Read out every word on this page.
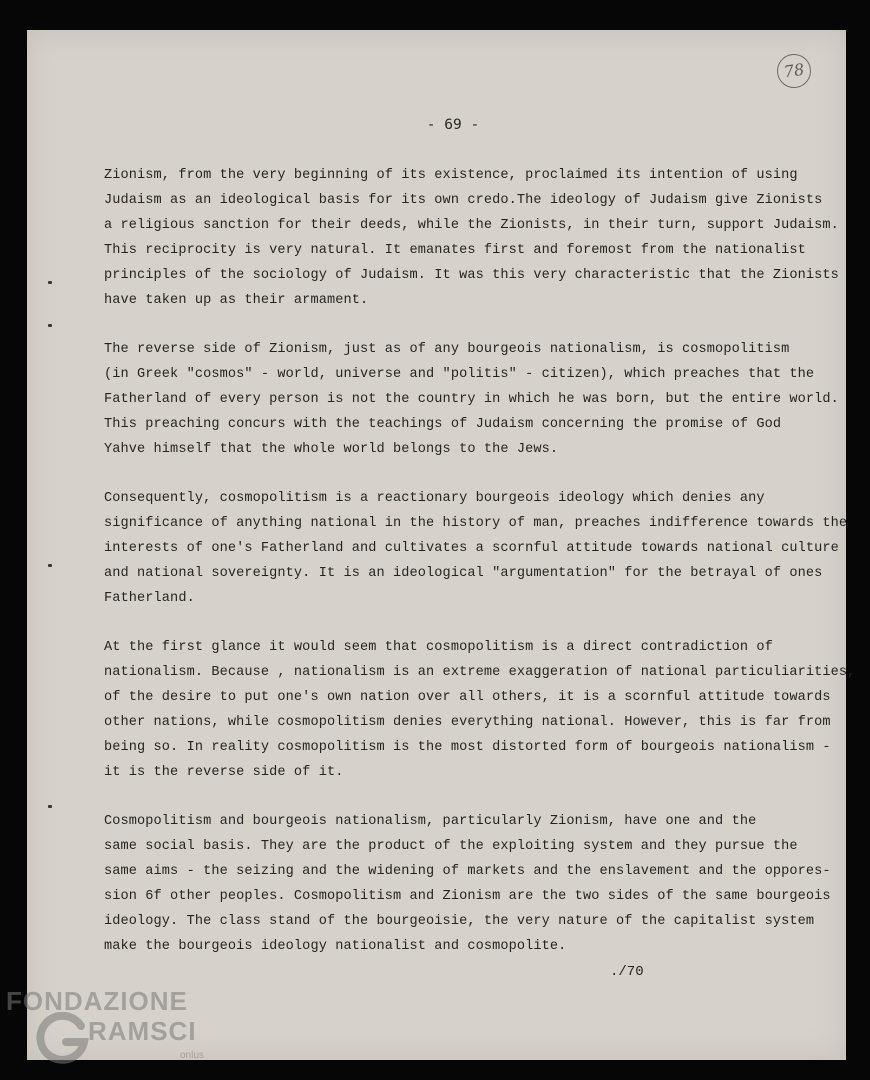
78
- 69 -
Zionism, from the very beginning of its existence, proclaimed its intention of using
Judaism as an ideological basis for its own credo.The ideology of Judaism give Zionists
a religious sanction for their deeds, while the Zionists, in their turn, support Judaism.
This reciprocity is very natural. It emanates first and foremost from the nationalist
principles of the sociology of Judaism. It was this very characteristic that the Zionists
have taken up as their armament.
The reverse side of Zionism, just as of any bourgeois nationalism, is cosmopolitism
(in Greek "cosmos" - world, universe and "politis" - citizen), which preaches that the
Fatherland of every person is not the country in which he was born, but the entire world.
This preaching concurs with the teachings of Judaism concerning the promise of God
Yahve himself that the whole world belongs to the Jews.
Consequently, cosmopolitism is a reactionary bourgeois ideology which denies any
significance of anything national in the history of man, preaches indifference towards the
interests of one's Fatherland and cultivates a scornful attitude towards national culture
and national sovereignty. It is an ideological "argumentation" for the betrayal of ones
Fatherland.
At the first glance it would seem that cosmopolitism is a direct contradiction of
nationalism. Because , nationalism is an extreme exaggeration of national particuliarities,
of the desire to put one's own nation over all others, it is a scornful attitude towards
other nations, while cosmopolitism denies everything national. However, this is far from
being so. In reality cosmopolitism is the most distorted form of bourgeois nationalism -
it is the reverse side of it.
Cosmopolitism and bourgeois nationalism, particularly Zionism, have one and the
same social basis. They are the product of the exploiting system and they pursue the
same aims - the seizing and the widening of markets and the enslavement and the oppores-
sion 6f other peoples. Cosmopolitism and Zionism are the two sides of the same bourgeois
ideology. The class stand of the bourgeoisie, the very nature of the capitalist system
make the bourgeois ideology nationalist and cosmopolite.
./70
FONDAZIONE
RAMSCI
onlus
